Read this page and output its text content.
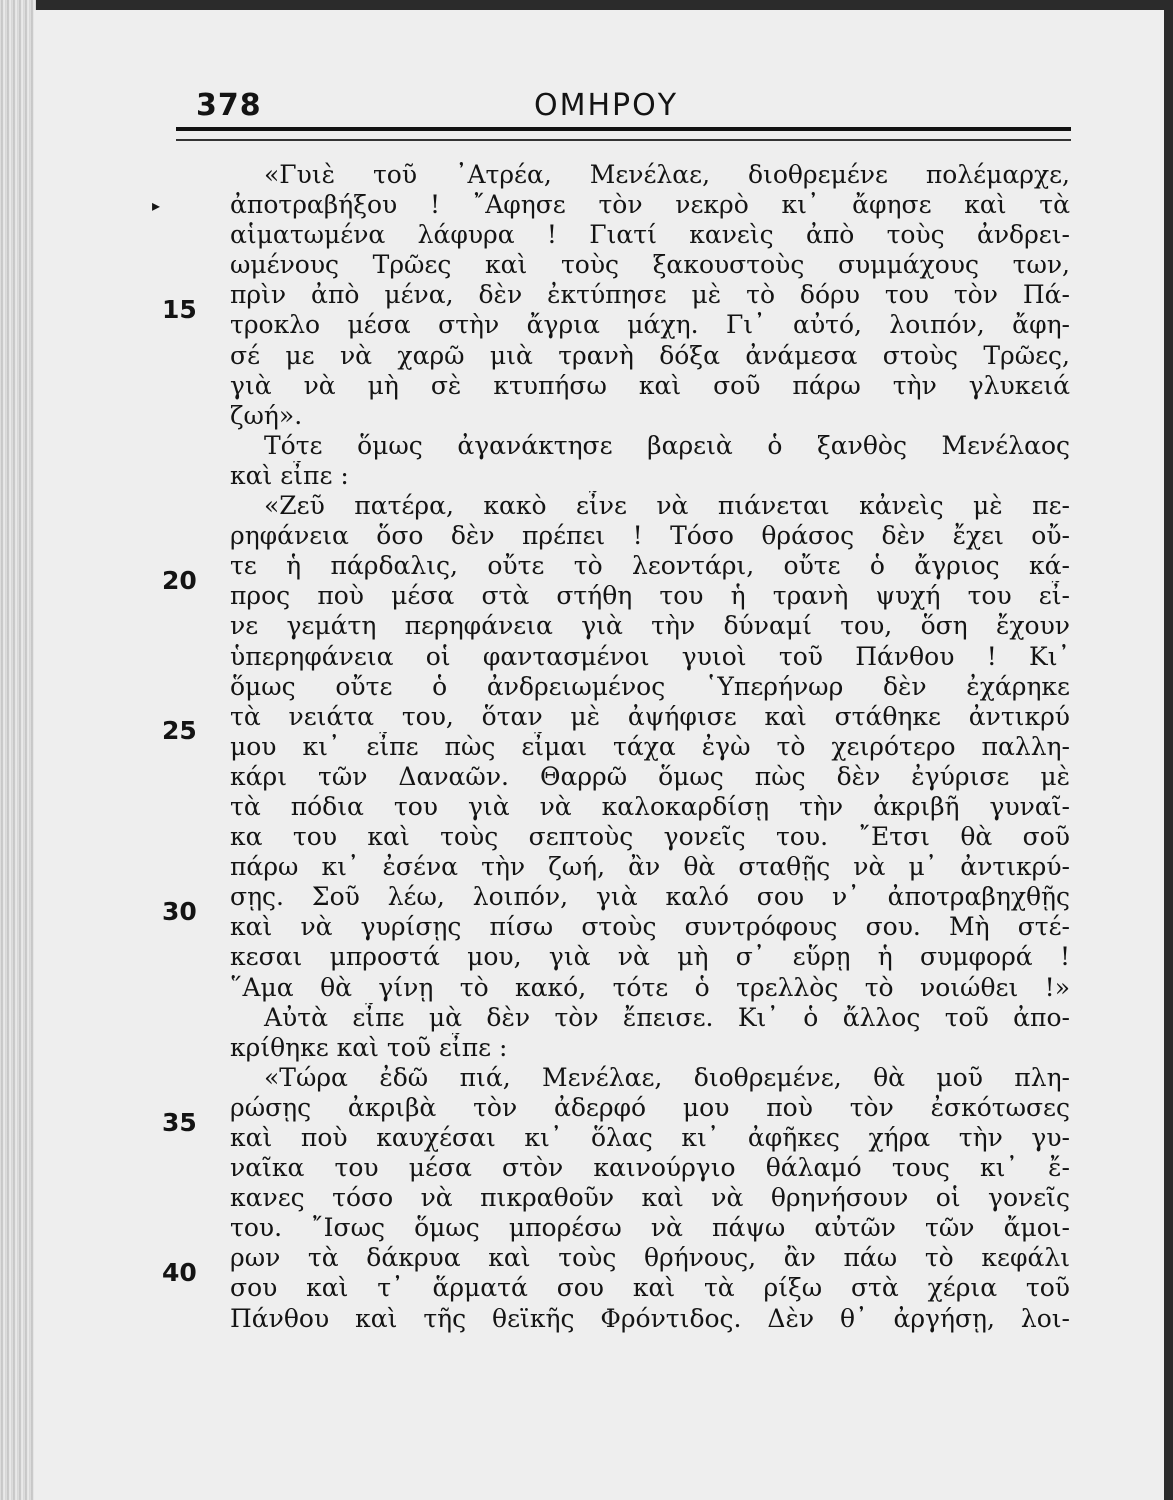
378	ΟΜΗΡΟΥ
▸
15
20
25
30
35
40
«Γυιὲ τοῦ ᾿Ατρέα, Μενέλαε, διοθρεμένε πολέμαρχε,
ἀποτραβήξου ! ῎Αφησε τὸν νεκρὸ κι᾿ ἄφησε καὶ τὰ
αἱματωμένα λάφυρα ! Γιατί κανεὶς ἀπὸ τοὺς ἀνδρει-
ωμένους Τρῶες καὶ τοὺς ξακουστοὺς συμμάχους των,
πρὶν ἀπὸ μένα, δὲν ἐκτύπησε μὲ τὸ δόρυ του τὸν Πά-
τροκλο μέσα στὴν ἄγρια μάχη. Γι᾿ αὐτό, λοιπόν, ἄφη-
σέ με νὰ χαρῶ μιὰ τρανὴ δόξα ἀνάμεσα στοὺς Τρῶες,
γιὰ νὰ μὴ σὲ κτυπήσω καὶ σοῦ πάρω τὴν γλυκειά
ζωή».
Τότε ὅμως ἀγανάκτησε βαρειὰ ὁ ξανθὸς Μενέλαος
καὶ εἶπε :
«Ζεῦ πατέρα, κακὸ εἶνε νὰ πιάνεται κἀνεὶς μὲ πε-
ρηφάνεια ὅσο δὲν πρέπει ! Τόσο θράσος δὲν ἔχει οὔ-
τε ἡ πάρδαλις, οὔτε τὸ λεοντάρι, οὔτε ὁ ἄγριος κά-
προς ποὺ μέσα στὰ στήθη του ἡ τρανὴ ψυχή του εἶ-
νε γεμάτη περηφάνεια γιὰ τὴν δύναμί του, ὅση ἔχουν
ὑπερηφάνεια οἱ φαντασμένοι γυιοὶ τοῦ Πάνθου ! Κι᾿
ὅμως οὔτε ὁ ἀνδρειωμένος ῾Υπερήνωρ δὲν ἐχάρηκε
τὰ νειάτα του, ὅταν μὲ ἀψήφισε καὶ στάθηκε ἀντικρύ
μου κι᾿ εἶπε πὼς εἶμαι τάχα ἐγὼ τὸ χειρότερο παλλη-
κάρι τῶν Δαναῶν. Θαρρῶ ὅμως πὼς δὲν ἐγύρισε μὲ
τὰ πόδια του γιὰ νὰ καλοκαρδίσῃ τὴν ἀκριβῆ γυναῖ-
κα του καὶ τοὺς σεπτοὺς γονεῖς του. ῎Ετσι θὰ σοῦ
πάρω κι᾿ ἐσένα τὴν ζωή, ἂν θὰ σταθῇς νὰ μ᾿ ἀντικρύ-
σῃς. Σοῦ λέω, λοιπόν, γιὰ καλό σου ν᾿ ἀποτραβηχθῇς
καὶ νὰ γυρίσῃς πίσω στοὺς συντρόφους σου. Μὴ στέ-
κεσαι μπροστά μου, γιὰ νὰ μὴ σ᾿ εὕρῃ ἡ συμφορά !
῞Αμα θὰ γίνῃ τὸ κακό, τότε ὁ τρελλὸς τὸ νοιώθει !»
Αὐτὰ εἶπε μὰ δὲν τὸν ἔπεισε. Κι᾿ ὁ ἄλλος τοῦ ἀπο-
κρίθηκε καὶ τοῦ εἶπε :
«Τώρα ἐδῶ πιά, Μενέλαε, διοθρεμένε, θὰ μοῦ πλη-
ρώσῃς ἀκριβὰ τὸν ἀδερφό μου ποὺ τὸν ἐσκότωσες
καὶ ποὺ καυχέσαι κι᾿ ὅλας κι᾿ ἀφῆκες χήρα τὴν γυ-
ναῖκα του μέσα στὸν καινούργιο θάλαμό τους κι᾿ ἔ-
κανες τόσο νὰ πικραθοῦν καὶ νὰ θρηνήσουν οἱ γονεῖς
του. ῎Ισως ὅμως μπορέσω νὰ πάψω αὐτῶν τῶν ἄμοι-
ρων τὰ δάκρυα καὶ τοὺς θρήνους, ἂν πάω τὸ κεφάλι
σου καὶ τ᾿ ἅρματά σου καὶ τὰ ρίξω στὰ χέρια τοῦ
Πάνθου καὶ τῆς θεϊκῆς Φρόντιδος. Δὲν θ᾿ ἀργήσῃ, λοι-
